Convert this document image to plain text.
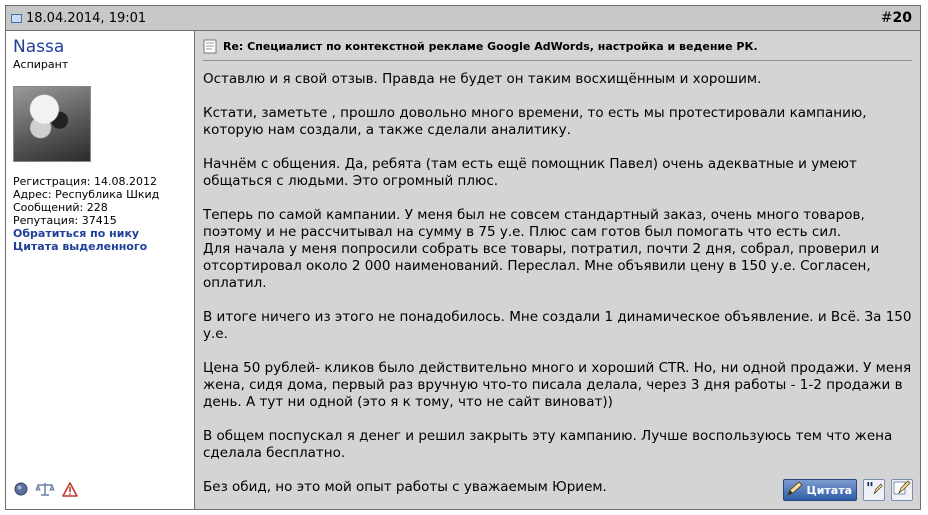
18.04.2014, 19:01	#20
Nassa
Аспирант
Регистрация: 14.08.2012
Адрес: Республика Шкид
Сообщений: 228
Репутация: 37415
Обратиться по нику
Цитата выделенного
Re: Специалист по контекстной рекламе Google AdWords, настройка и ведение РК.

Оставлю и я свой отзыв. Правда не будет он таким восхищённым и хорошим.

Кстати, заметьте , прошло довольно много времени, то есть мы протестировали кампанию, которую нам создали, а также сделали аналитику.

Начнём с общения. Да, ребята (там есть ещё помощник Павел) очень адекватные и умеют общаться с людьми. Это огромный плюс.

Теперь по самой кампании. У меня был не совсем стандартный заказ, очень много товаров, поэтому и не рассчитывал на сумму в 75 у.е. Плюс сам готов был помогать что есть сил.
Для начала у меня попросили собрать все товары, потратил, почти 2 дня, собрал, проверил и отсортировал около 2 000 наименований. Переслал. Мне объявили цену в 150 у.е. Согласен, оплатил.

В итоге ничего из этого не понадобилось. Мне создали 1 динамическое объявление. и Всё. За 150 у.е.

Цена 50 рублей- кликов было действительно много и хороший CTR. Но, ни одной продажи. У меня жена, сидя дома, первый раз вручную что-то писала делала, через 3 дня работы - 1-2 продажи в день. А тут ни одной (это я к тому, что не сайт виноват))

В общем поспускал я денег и решил закрыть эту кампанию. Лучше воспользуюсь тем что жена сделала бесплатно.

Без обид, но это мой опыт работы с уважаемым Юрием.	Цитата "
